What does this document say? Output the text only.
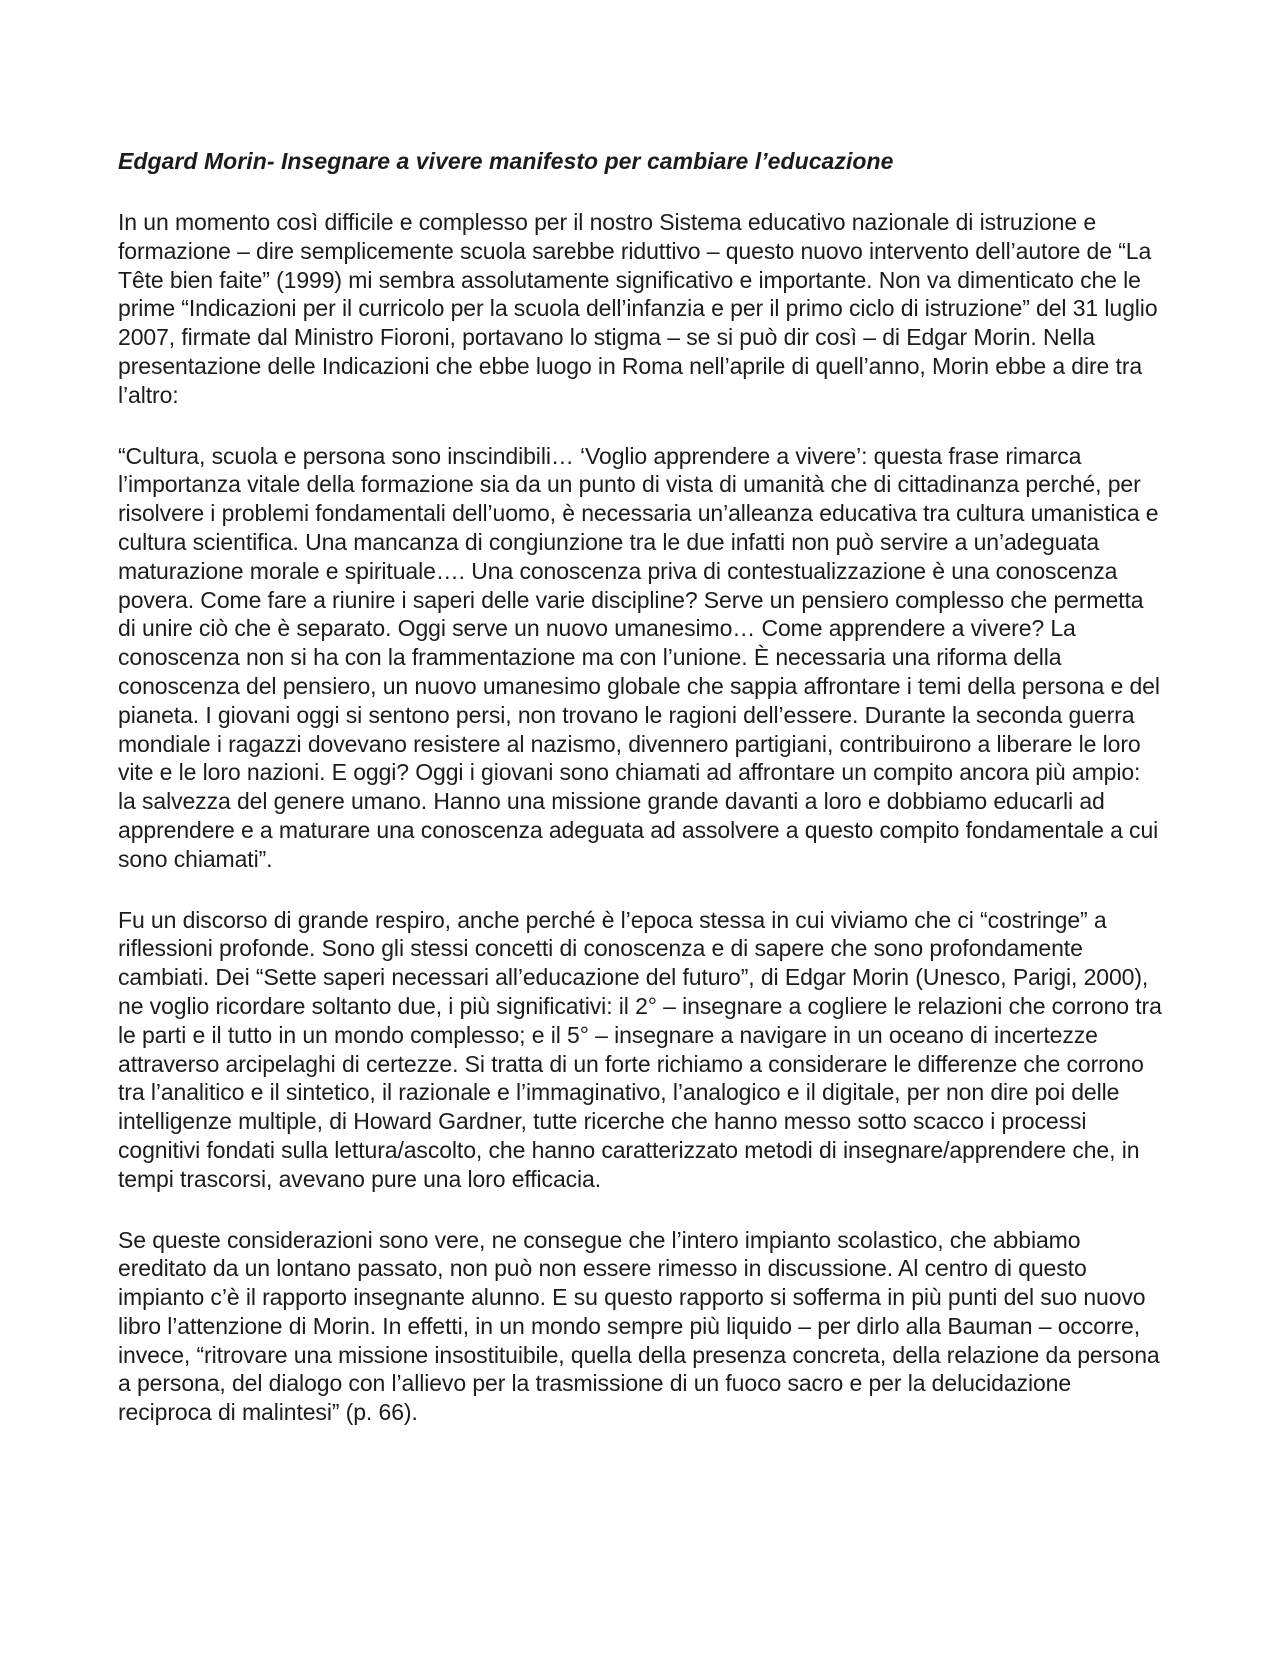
Edgard Morin- Insegnare a vivere manifesto per cambiare l’educazione

In un momento così difficile e complesso per il nostro Sistema educativo nazionale di istruzione e formazione – dire semplicemente scuola sarebbe riduttivo – questo nuovo intervento dell’autore de “La Tête bien faite” (1999) mi sembra assolutamente significativo e importante. Non va dimenticato che le prime “Indicazioni per il curricolo per la scuola dell’infanzia e per il primo ciclo di istruzione” del 31 luglio 2007, firmate dal Ministro Fioroni, portavano lo stigma – se si può dir così – di Edgar Morin. Nella presentazione delle Indicazioni che ebbe luogo in Roma nell’aprile di quell’anno, Morin ebbe a dire tra l’altro:

“Cultura, scuola e persona sono inscindibili… ‘Voglio apprendere a vivere’: questa frase rimarca l’importanza vitale della formazione sia da un punto di vista di umanità che di cittadinanza perché, per risolvere i problemi fondamentali dell’uomo, è necessaria un’alleanza educativa tra cultura umanistica e cultura scientifica. Una mancanza di congiunzione tra le due infatti non può servire a un’adeguata maturazione morale e spirituale…. Una conoscenza priva di contestualizzazione è una conoscenza povera. Come fare a riunire i saperi delle varie discipline? Serve un pensiero complesso che permetta di unire ciò che è separato. Oggi serve un nuovo umanesimo… Come apprendere a vivere? La conoscenza non si ha con la frammentazione ma con l’unione. È necessaria una riforma della conoscenza del pensiero, un nuovo umanesimo globale che sappia affrontare i temi della persona e del pianeta. I giovani oggi si sentono persi, non trovano le ragioni dell’essere. Durante la seconda guerra mondiale i ragazzi dovevano resistere al nazismo, divennero partigiani, contribuirono a liberare le loro vite e le loro nazioni. E oggi? Oggi i giovani sono chiamati ad affrontare un compito ancora più ampio: la salvezza del genere umano. Hanno una missione grande davanti a loro e dobbiamo educarli ad apprendere e a maturare una conoscenza adeguata ad assolvere a questo compito fondamentale a cui sono chiamati”.

Fu un discorso di grande respiro, anche perché è l’epoca stessa in cui viviamo che ci “costringe” a riflessioni profonde. Sono gli stessi concetti di conoscenza e di sapere che sono profondamente cambiati. Dei “Sette saperi necessari all’educazione del futuro”, di Edgar Morin (Unesco, Parigi, 2000), ne voglio ricordare soltanto due, i più significativi: il 2° – insegnare a cogliere le relazioni che corrono tra le parti e il tutto in un mondo complesso; e il 5° – insegnare a navigare in un oceano di incertezze attraverso arcipelaghi di certezze. Si tratta di un forte richiamo a considerare le differenze che corrono tra l’analitico e il sintetico, il razionale e l’immaginativo, l’analogico e il digitale, per non dire poi delle intelligenze multiple, di Howard Gardner, tutte ricerche che hanno messo sotto scacco i processi cognitivi fondati sulla lettura/ascolto, che hanno caratterizzato metodi di insegnare/apprendere che, in tempi trascorsi, avevano pure una loro efficacia.

Se queste considerazioni sono vere, ne consegue che l’intero impianto scolastico, che abbiamo ereditato da un lontano passato, non può non essere rimesso in discussione. Al centro di questo impianto c’è il rapporto insegnante alunno. E su questo rapporto si sofferma in più punti del suo nuovo libro l’attenzione di Morin. In effetti, in un mondo sempre più liquido – per dirlo alla Bauman – occorre, invece, “ritrovare una missione insostituibile, quella della presenza concreta, della relazione da persona a persona, del dialogo con l’allievo per la trasmissione di un fuoco sacro e per la delucidazione reciproca di malintesi” (p. 66).
